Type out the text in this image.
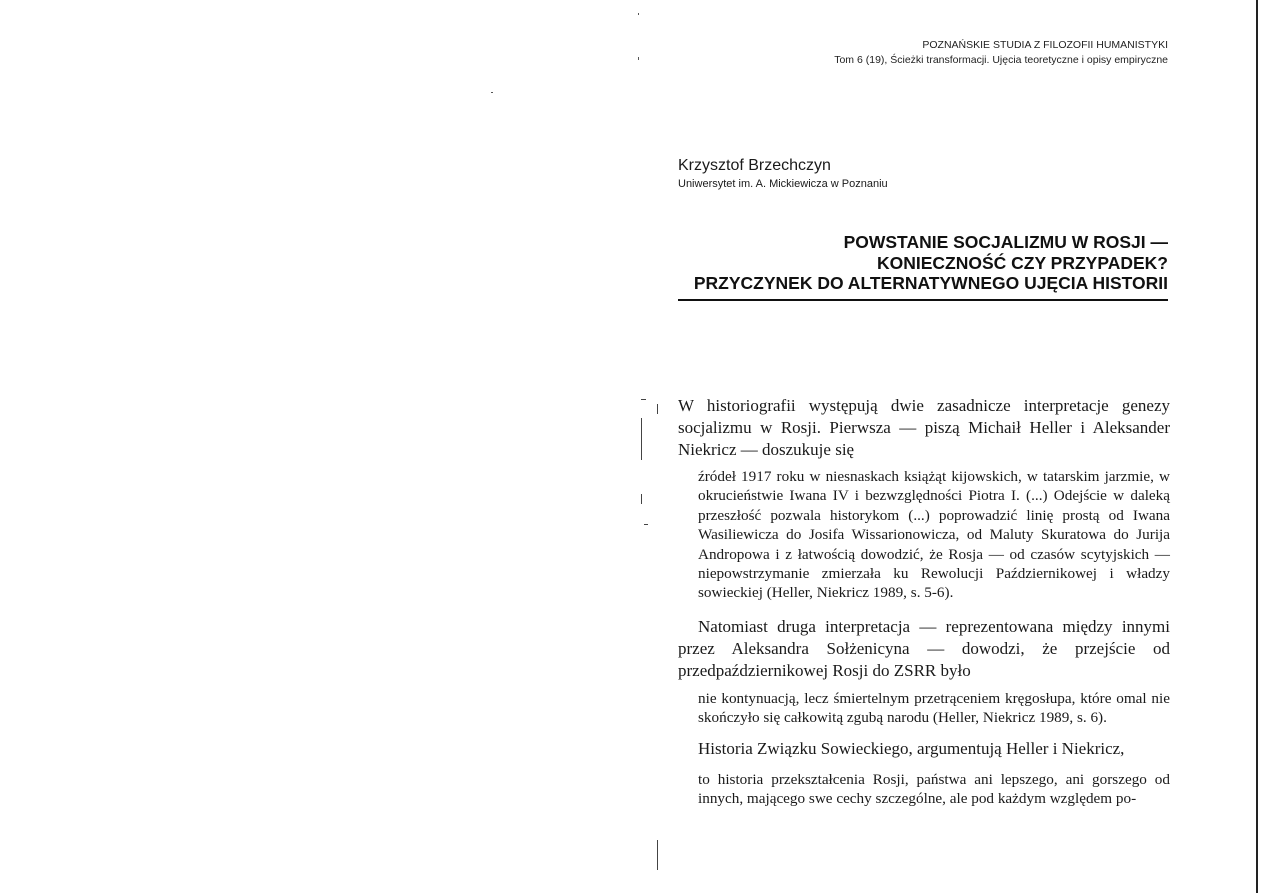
POZNAŃSKIE STUDIA Z FILOZOFII HUMANISTYKI
Tom 6 (19), Ścieżki transformacji. Ujęcia teoretyczne i opisy empiryczne
Krzysztof Brzechczyn
Uniwersytet im. A. Mickiewicza w Poznaniu
POWSTANIE SOCJALIZMU W ROSJI —
KONIECZNOŚĆ CZY PRZYPADEK?
PRZYCZYNEK DO ALTERNATYWNEGO UJĘCIA HISTORII

W historiografii występują dwie zasadnicze interpretacje genezy socjalizmu w Rosji. Pierwsza — piszą Michaił Heller i Aleksander Niekricz — doszukuje się

źródeł 1917 roku w niesnaskach książąt kijowskich, w tatarskim jarzmie, w okrucieństwie Iwana IV i bezwzględności Piotra I. (...) Odejście w daleką przeszłość pozwala historykom (...) poprowadzić linię prostą od Iwana Wasiliewicza do Josifa Wissarionowicza, od Maluty Skuratowa do Jurija Andropowa i z łatwością dowodzić, że Rosja — od czasów scytyjskich — niepowstrzymanie zmierzała ku Rewolucji Październikowej i władzy sowieckiej (Heller, Niekricz 1989, s. 5-6).

Natomiast druga interpretacja — reprezentowana między innymi przez Aleksandra Sołżenicyna — dowodzi, że przejście od przedpaździernikowej Rosji do ZSRR było

nie kontynuacją, lecz śmiertelnym przetrąceniem kręgosłupa, które omal nie skończyło się całkowitą zgubą narodu (Heller, Niekricz 1989, s. 6).

Historia Związku Sowieckiego, argumentują Heller i Niekricz,

to historia przekształcenia Rosji, państwa ani lepszego, ani gorszego od innych, mającego swe cechy szczególne, ale pod każdym względem po-
